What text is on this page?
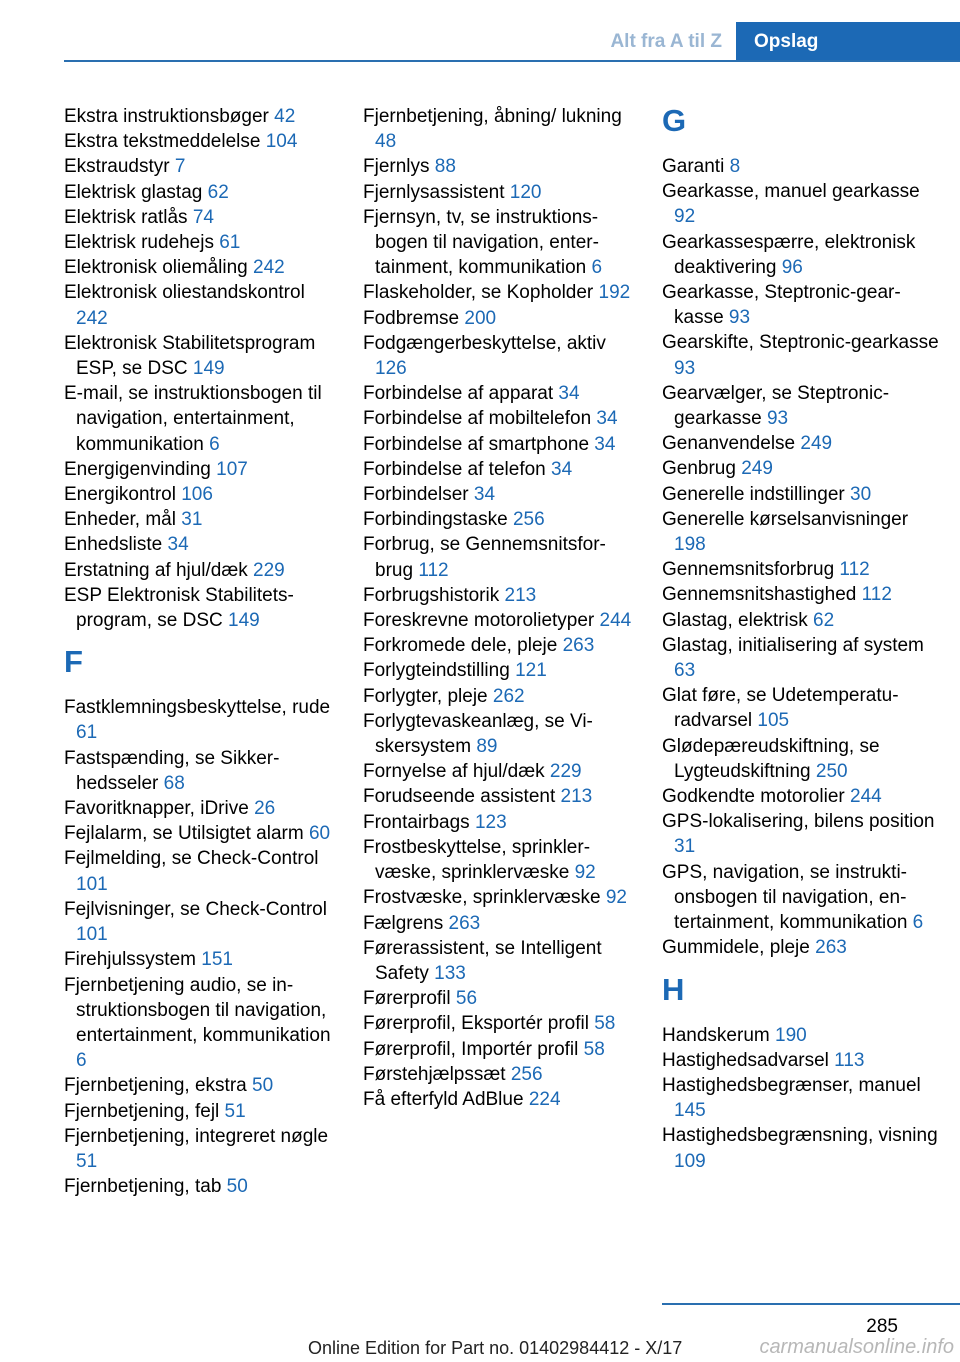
Alt fra A til Z	Opslag
Ekstra instruktionsbøger 42
Ekstra tekstmeddelelse 104
Ekstraudstyr 7
Elektrisk glastag 62
Elektrisk ratlås 74
Elektrisk rudehejs 61
Elektronisk oliemåling 242
Elektronisk oliestandskontrol 242
Elektronisk Stabilitetsprogram ESP, se DSC 149
E-mail, se instruktionsbogen til navigation, entertainment, kommunikation 6
Energigenvinding 107
Energikontrol 106
Enheder, mål 31
Enhedsliste 34
Erstatning af hjul/dæk 229
ESP Elektronisk Stabilitetsprogram, se DSC 149
F
Fastklemningsbeskyttelse, rude 61
Fastspænding, se Sikkerhedsseler 68
Favoritknapper, iDrive 26
Fejlalarm, se Utilsigtet alarm 60
Fejlmelding, se Check-Control 101
Fejlvisninger, se Check-Control 101
Firehjulssystem 151
Fjernbetjening audio, se instruktionsbogen til navigation, entertainment, kommunikation 6
Fjernbetjening, ekstra 50
Fjernbetjening, fejl 51
Fjernbetjening, integreret nøgle 51
Fjernbetjening, tab 50
Fjernbetjening, åbning/ lukning 48
Fjernlys 88
Fjernlysassistent 120
Fjernsyn, tv, se instruktionsbogen til navigation, entertainment, kommunikation 6
Flaskeholder, se Kopholder 192
Fodbremse 200
Fodgængerbeskyttelse, aktiv 126
Forbindelse af apparat 34
Forbindelse af mobiltelefon 34
Forbindelse af smartphone 34
Forbindelse af telefon 34
Forbindelser 34
Forbindingstaske 256
Forbrug, se Gennemsnitsforbrug 112
Forbrugshistorik 213
Foreskrevne motorolietyper 244
Forkromede dele, pleje 263
Forlygteindstilling 121
Forlygter, pleje 262
Forlygtevaskeanlæg, se Viskersystem 89
Fornyelse af hjul/dæk 229
Forudseende assistent 213
Frontairbags 123
Frostbeskyttelse, sprinklervæske, sprinklervæske 92
Frostvæske, sprinklervæske 92
Fælgrens 263
Førerassistent, se Intelligent Safety 133
Førerprofil 56
Førerprofil, Eksportér profil 58
Førerprofil, Importér profil 58
Førstehjælpssæt 256
Få efterfyld AdBlue 224
G
Garanti 8
Gearkasse, manuel gearkasse 92
Gearkassespærre, elektronisk deaktivering 96
Gearkasse, Steptronic-gearkasse 93
Gearskifte, Steptronic-gearkasse 93
Gearvælger, se Steptronic-gearkasse 93
Genanvendelse 249
Genbrug 249
Generelle indstillinger 30
Generelle kørselsanvisninger 198
Gennemsnitsforbrug 112
Gennemsnitshastighed 112
Glastag, elektrisk 62
Glastag, initialisering af system 63
Glat føre, se Udetemperaturadvarsel 105
Glødepæreudskiftning, se Lygteudskiftning 250
Godkendte motorolier 244
GPS-lokalisering, bilens position 31
GPS, navigation, se instruktionsbogen til navigation, entertainment, kommunikation 6
Gummidele, pleje 263
H
Handskerum 190
Hastighedsadvarsel 113
Hastighedsbegrænser, manuel 145
Hastighedsbegrænsning, visning 109
285
Online Edition for Part no. 01402984412 - X/17	carmanualsonline.info
